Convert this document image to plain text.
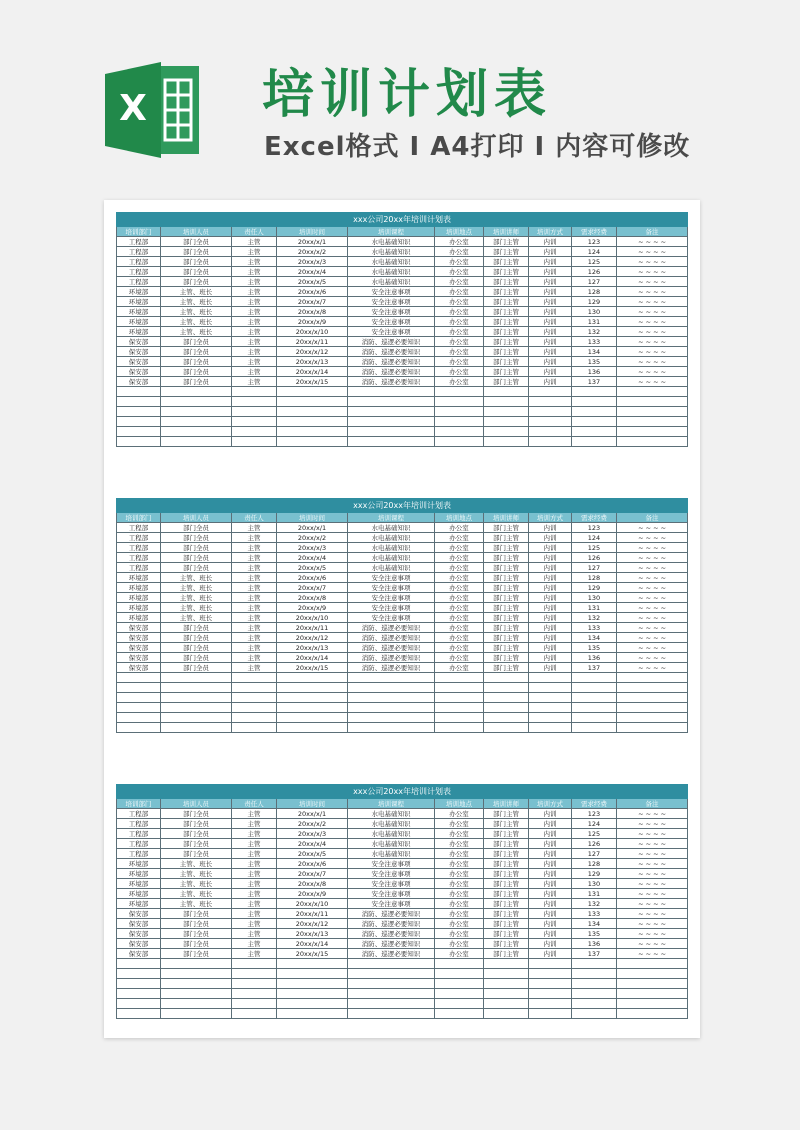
X 培训计划表
Excel格式 I A4打印 I 内容可修改
xxx公司20xx年培训计划表									
培训部门	培训人员	责任人	培训时间	培训课程	培训地点	培训讲师	培训方式	需求经费	备注
工程部	部门全员	主管	20xx/x/1	水电基础知识	办公室	部门主管	内训	123	~ ~ ~ ~
工程部	部门全员	主管	20xx/x/2	水电基础知识	办公室	部门主管	内训	124	~ ~ ~ ~
工程部	部门全员	主管	20xx/x/3	水电基础知识	办公室	部门主管	内训	125	~ ~ ~ ~
工程部	部门全员	主管	20xx/x/4	水电基础知识	办公室	部门主管	内训	126	~ ~ ~ ~
工程部	部门全员	主管	20xx/x/5	水电基础知识	办公室	部门主管	内训	127	~ ~ ~ ~
环境部	主管、班长	主管	20xx/x/6	安全注意事项	办公室	部门主管	内训	128	~ ~ ~ ~
环境部	主管、班长	主管	20xx/x/7	安全注意事项	办公室	部门主管	内训	129	~ ~ ~ ~
环境部	主管、班长	主管	20xx/x/8	安全注意事项	办公室	部门主管	内训	130	~ ~ ~ ~
环境部	主管、班长	主管	20xx/x/9	安全注意事项	办公室	部门主管	内训	131	~ ~ ~ ~
环境部	主管、班长	主管	20xx/x/10	安全注意事项	办公室	部门主管	内训	132	~ ~ ~ ~
保安部	部门全员	主管	20xx/x/11	消防、巡逻必要知识	办公室	部门主管	内训	133	~ ~ ~ ~
保安部	部门全员	主管	20xx/x/12	消防、巡逻必要知识	办公室	部门主管	内训	134	~ ~ ~ ~
保安部	部门全员	主管	20xx/x/13	消防、巡逻必要知识	办公室	部门主管	内训	135	~ ~ ~ ~
保安部	部门全员	主管	20xx/x/14	消防、巡逻必要知识	办公室	部门主管	内训	136	~ ~ ~ ~
保安部	部门全员	主管	20xx/x/15	消防、巡逻必要知识	办公室	部门主管	内训	137	~ ~ ~ ~

xxx公司20xx年培训计划表									
培训部门	培训人员	责任人	培训时间	培训课程	培训地点	培训讲师	培训方式	需求经费	备注
工程部	部门全员	主管	20xx/x/1	水电基础知识	办公室	部门主管	内训	123	~ ~ ~ ~
工程部	部门全员	主管	20xx/x/2	水电基础知识	办公室	部门主管	内训	124	~ ~ ~ ~
工程部	部门全员	主管	20xx/x/3	水电基础知识	办公室	部门主管	内训	125	~ ~ ~ ~
工程部	部门全员	主管	20xx/x/4	水电基础知识	办公室	部门主管	内训	126	~ ~ ~ ~
工程部	部门全员	主管	20xx/x/5	水电基础知识	办公室	部门主管	内训	127	~ ~ ~ ~
环境部	主管、班长	主管	20xx/x/6	安全注意事项	办公室	部门主管	内训	128	~ ~ ~ ~
环境部	主管、班长	主管	20xx/x/7	安全注意事项	办公室	部门主管	内训	129	~ ~ ~ ~
环境部	主管、班长	主管	20xx/x/8	安全注意事项	办公室	部门主管	内训	130	~ ~ ~ ~
环境部	主管、班长	主管	20xx/x/9	安全注意事项	办公室	部门主管	内训	131	~ ~ ~ ~
环境部	主管、班长	主管	20xx/x/10	安全注意事项	办公室	部门主管	内训	132	~ ~ ~ ~
保安部	部门全员	主管	20xx/x/11	消防、巡逻必要知识	办公室	部门主管	内训	133	~ ~ ~ ~
保安部	部门全员	主管	20xx/x/12	消防、巡逻必要知识	办公室	部门主管	内训	134	~ ~ ~ ~
保安部	部门全员	主管	20xx/x/13	消防、巡逻必要知识	办公室	部门主管	内训	135	~ ~ ~ ~
保安部	部门全员	主管	20xx/x/14	消防、巡逻必要知识	办公室	部门主管	内训	136	~ ~ ~ ~
保安部	部门全员	主管	20xx/x/15	消防、巡逻必要知识	办公室	部门主管	内训	137	~ ~ ~ ~

xxx公司20xx年培训计划表									
培训部门	培训人员	责任人	培训时间	培训课程	培训地点	培训讲师	培训方式	需求经费	备注
工程部	部门全员	主管	20xx/x/1	水电基础知识	办公室	部门主管	内训	123	~ ~ ~ ~
工程部	部门全员	主管	20xx/x/2	水电基础知识	办公室	部门主管	内训	124	~ ~ ~ ~
工程部	部门全员	主管	20xx/x/3	水电基础知识	办公室	部门主管	内训	125	~ ~ ~ ~
工程部	部门全员	主管	20xx/x/4	水电基础知识	办公室	部门主管	内训	126	~ ~ ~ ~
工程部	部门全员	主管	20xx/x/5	水电基础知识	办公室	部门主管	内训	127	~ ~ ~ ~
环境部	主管、班长	主管	20xx/x/6	安全注意事项	办公室	部门主管	内训	128	~ ~ ~ ~
环境部	主管、班长	主管	20xx/x/7	安全注意事项	办公室	部门主管	内训	129	~ ~ ~ ~
环境部	主管、班长	主管	20xx/x/8	安全注意事项	办公室	部门主管	内训	130	~ ~ ~ ~
环境部	主管、班长	主管	20xx/x/9	安全注意事项	办公室	部门主管	内训	131	~ ~ ~ ~
环境部	主管、班长	主管	20xx/x/10	安全注意事项	办公室	部门主管	内训	132	~ ~ ~ ~
保安部	部门全员	主管	20xx/x/11	消防、巡逻必要知识	办公室	部门主管	内训	133	~ ~ ~ ~
保安部	部门全员	主管	20xx/x/12	消防、巡逻必要知识	办公室	部门主管	内训	134	~ ~ ~ ~
保安部	部门全员	主管	20xx/x/13	消防、巡逻必要知识	办公室	部门主管	内训	135	~ ~ ~ ~
保安部	部门全员	主管	20xx/x/14	消防、巡逻必要知识	办公室	部门主管	内训	136	~ ~ ~ ~
保安部	部门全员	主管	20xx/x/15	消防、巡逻必要知识	办公室	部门主管	内训	137	~ ~ ~ ~
